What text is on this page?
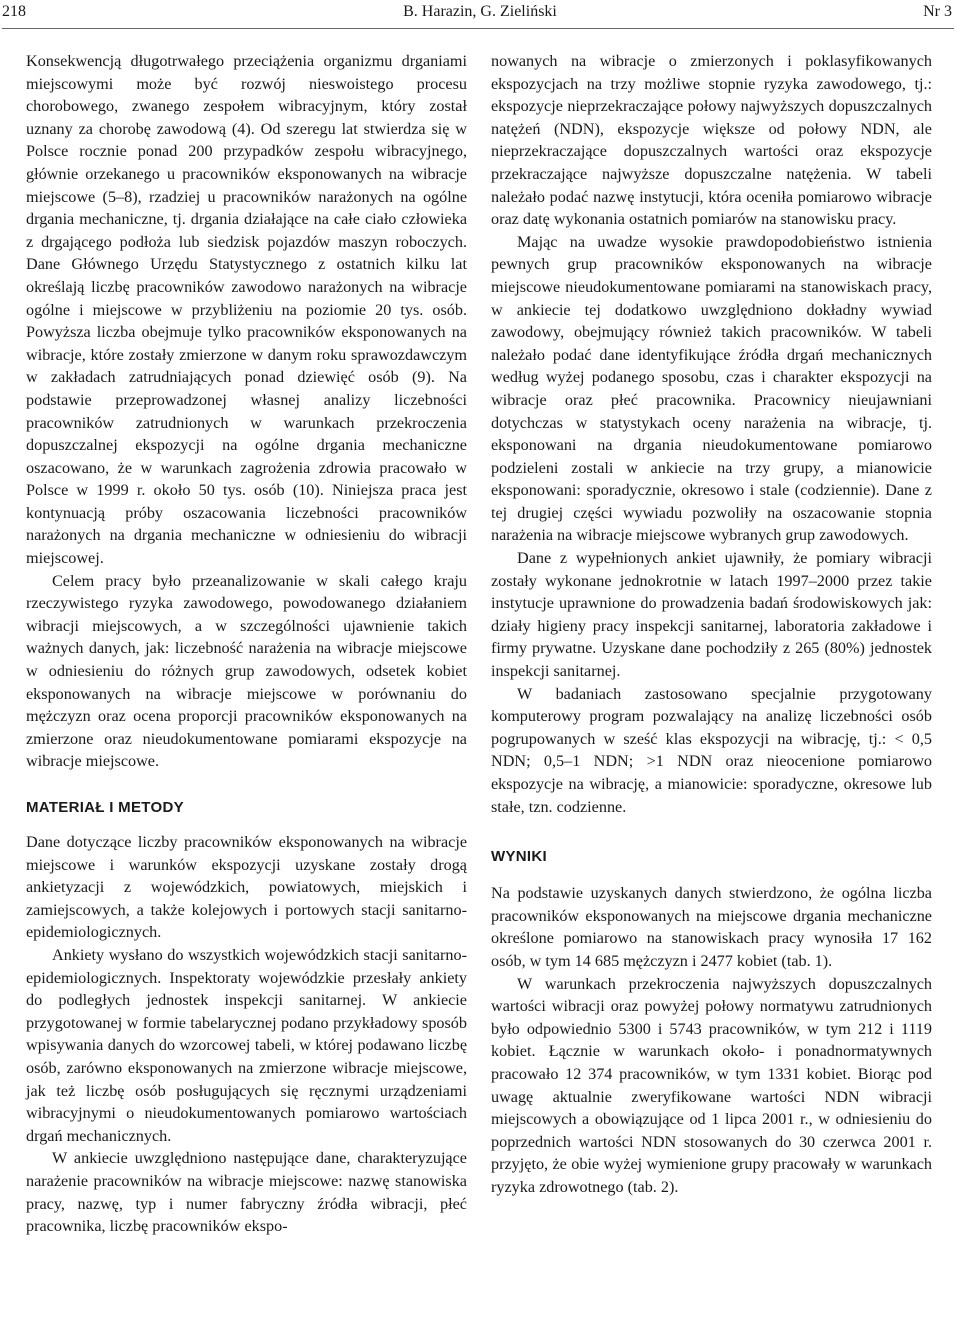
218	B. Harazin, G. Zieliński	Nr 3

Konsekwencją długotrwałego przeciążenia organizmu drganiami miejscowymi może być rozwój nieswoistego procesu chorobowego, zwanego zespołem wibracyjnym, który został uznany za chorobę zawodową (4). Od szeregu lat stwierdza się w Polsce rocznie ponad 200 przypadków zespołu wibracyjnego, głównie orzekanego u pracowników eksponowanych na wibracje miejscowe (5–8), rzadziej u pracowników narażonych na ogólne drgania mechaniczne, tj. drgania działające na całe ciało człowieka z drgającego podłoża lub siedzisk pojazdów maszyn roboczych. Dane Głównego Urzędu Statystycznego z ostatnich kilku lat określają liczbę pracowników zawodowo narażonych na wibracje ogólne i miejscowe w przybliżeniu na poziomie 20 tys. osób. Powyższa liczba obejmuje tylko pracowników eksponowanych na wibracje, które zostały zmierzone w danym roku sprawozdawczym w zakładach zatrudniających ponad dziewięć osób (9). Na podstawie przeprowadzonej własnej analizy liczebności pracowników zatrudnionych w warunkach przekroczenia dopuszczalnej ekspozycji na ogólne drgania mechaniczne oszacowano, że w warunkach zagrożenia zdrowia pracowało w Polsce w 1999 r. około 50 tys. osób (10). Niniejsza praca jest kontynuacją próby oszacowania liczebności pracowników narażonych na drgania mechaniczne w odniesieniu do wibracji miejscowej.

Celem pracy było przeanalizowanie w skali całego kraju rzeczywistego ryzyka zawodowego, powodowanego działaniem wibracji miejscowych, a w szczególności ujawnienie takich ważnych danych, jak: liczebność narażenia na wibracje miejscowe w odniesieniu do różnych grup zawodowych, odsetek kobiet eksponowanych na wibracje miejscowe w porównaniu do mężczyzn oraz ocena proporcji pracowników eksponowanych na zmierzone oraz nieudokumentowane pomiarami ekspozycje na wibracje miejscowe.

MATERIAŁ I METODY

Dane dotyczące liczby pracowników eksponowanych na wibracje miejscowe i warunków ekspozycji uzyskane zostały drogą ankietyzacji z wojewódzkich, powiatowych, miejskich i zamiejscowych, a także kolejowych i portowych stacji sanitarno-epidemiologicznych.

Ankiety wysłano do wszystkich wojewódzkich stacji sanitarno-epidemiologicznych. Inspektoraty wojewódzkie przesłały ankiety do podległych jednostek inspekcji sanitarnej. W ankiecie przygotowanej w formie tabelarycznej podano przykładowy sposób wpisywania danych do wzorcowej tabeli, w której podawano liczbę osób, zarówno eksponowanych na zmierzone wibracje miejscowe, jak też liczbę osób posługujących się ręcznymi urządzeniami wibracyjnymi o nieudokumentowanych pomiarowo wartościach drgań mechanicznych.

W ankiecie uwzględniono następujące dane, charakteryzujące narażenie pracowników na wibracje miejscowe: nazwę stanowiska pracy, nazwę, typ i numer fabryczny źródła wibracji, płeć pracownika, liczbę pracowników ekspo-

nowanych na wibracje o zmierzonych i poklasyfikowanych ekspozycjach na trzy możliwe stopnie ryzyka zawodowego, tj.: ekspozycje nieprzekraczające połowy najwyższych dopuszczalnych natężeń (NDN), ekspozycje większe od połowy NDN, ale nieprzekraczające dopuszczalnych wartości oraz ekspozycje przekraczające najwyższe dopuszczalne natężenia. W tabeli należało podać nazwę instytucji, która oceniła pomiarowo wibracje oraz datę wykonania ostatnich pomiarów na stanowisku pracy.

Mając na uwadze wysokie prawdopodobieństwo istnienia pewnych grup pracowników eksponowanych na wibracje miejscowe nieudokumentowane pomiarami na stanowiskach pracy, w ankiecie tej dodatkowo uwzględniono dokładny wywiad zawodowy, obejmujący również takich pracowników. W tabeli należało podać dane identyfikujące źródła drgań mechanicznych według wyżej podanego sposobu, czas i charakter ekspozycji na wibracje oraz płeć pracownika. Pracownicy nieujawniani dotychczas w statystykach oceny narażenia na wibracje, tj. eksponowani na drgania nieudokumentowane pomiarowo podzieleni zostali w ankiecie na trzy grupy, a mianowicie eksponowani: sporadycznie, okresowo i stale (codziennie). Dane z tej drugiej części wywiadu pozwoliły na oszacowanie stopnia narażenia na wibracje miejscowe wybranych grup zawodowych.

Dane z wypełnionych ankiet ujawniły, że pomiary wibracji zostały wykonane jednokrotnie w latach 1997–2000 przez takie instytucje uprawnione do prowadzenia badań środowiskowych jak: działy higieny pracy inspekcji sanitarnej, laboratoria zakładowe i firmy prywatne. Uzyskane dane pochodziły z 265 (80%) jednostek inspekcji sanitarnej.

W badaniach zastosowano specjalnie przygotowany komputerowy program pozwalający na analizę liczebności osób pogrupowanych w sześć klas ekspozycji na wibrację, tj.: < 0,5 NDN; 0,5–1 NDN; >1 NDN oraz nieocenione pomiarowo ekspozycje na wibrację, a mianowicie: sporadyczne, okresowe lub stałe, tzn. codzienne.

WYNIKI

Na podstawie uzyskanych danych stwierdzono, że ogólna liczba pracowników eksponowanych na miejscowe drgania mechaniczne określone pomiarowo na stanowiskach pracy wynosiła 17 162 osób, w tym 14 685 mężczyzn i 2477 kobiet (tab. 1).

W warunkach przekroczenia najwyższych dopuszczalnych wartości wibracji oraz powyżej połowy normatywu zatrudnionych było odpowiednio 5300 i 5743 pracowników, w tym 212 i 1119 kobiet. Łącznie w warunkach około- i ponadnormatywnych pracowało 12 374 pracowników, w tym 1331 kobiet. Biorąc pod uwagę aktualnie zweryfikowane wartości NDN wibracji miejscowych a obowiązujące od 1 lipca 2001 r., w odniesieniu do poprzednich wartości NDN stosowanych do 30 czerwca 2001 r. przyjęto, że obie wyżej wymienione grupy pracowały w warunkach ryzyka zdrowotnego (tab. 2).
